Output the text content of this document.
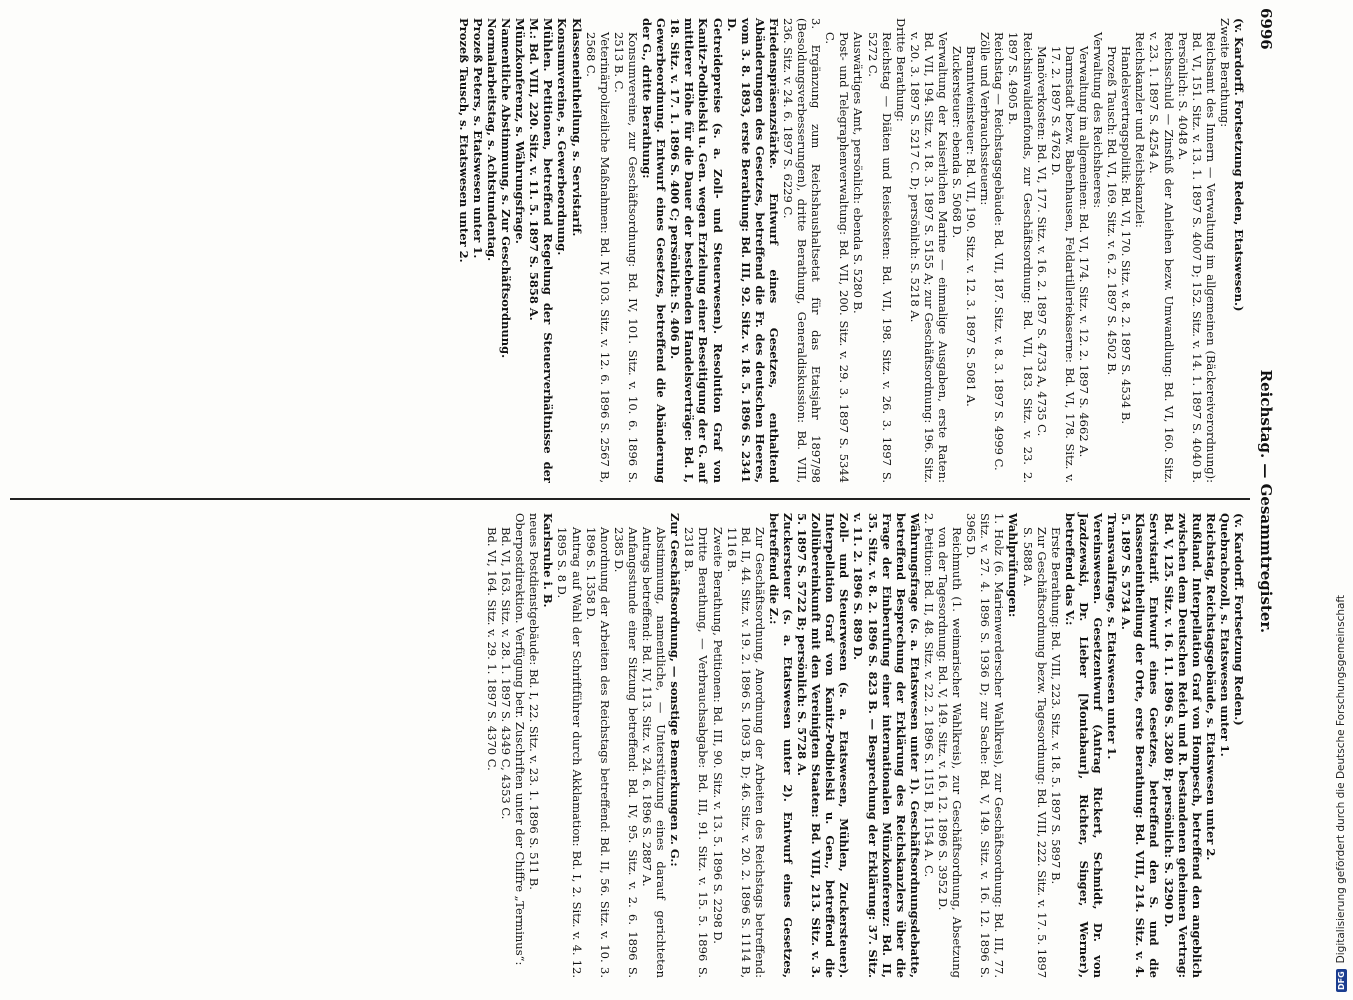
6996
Reichstag. — Gesammtregister.

(v. Kardorff. Fortsetzung Reden, Etatswesen.)

Zweite Berathung:

Reichsamt des Innern — Verwaltung im allgemeinen (Bäckereiverordnung): Bd. VI, 151. Sitz. v. 13. 1. 1897 S. 4007 D; 152. Sitz. v. 14. 1. 1897 S. 4040 B. Persönlich: S. 4048 A.

Reichsschuld — Zinsfuß der Anleihen bezw. Umwandlung: Bd. VI, 160. Sitz. v. 23. 1. 1897 S. 4254 A.

Reichskanzler und Reichskanzlei:

Handelsvertragspolitik: Bd. VI, 170. Sitz. v. 8. 2. 1897 S. 4534 B.

Prozeß Tausch: Bd. VI, 169. Sitz. v. 6. 2. 1897 S. 4502 B.

Verwaltung des Reichsheeres:

Verwaltung im allgemeinen: Bd. VI, 174. Sitz. v. 12. 2. 1897 S. 4662 A.

Darmstadt bezw. Babenhausen, Feldartilleriekaserne: Bd. VI, 178. Sitz. v. 17. 2. 1897 S. 4762 D.

Manöverkosten: Bd. VI, 177. Sitz. v. 16. 2. 1897 S. 4733 A, 4735 C.

Reichsinvalidenfonds, zur Geschäftsordnung: Bd. VII, 183. Sitz. v. 23. 2. 1897 S. 4905 B.

Reichstag — Reichstagsgebäude: Bd. VII, 187. Sitz. v. 8. 3. 1897 S. 4999 C.

Zölle und Verbrauchssteuern:

Branntweinsteuer: Bd. VII, 190. Sitz. v. 12. 3. 1897 S. 5081 A.

Zuckersteuer: ebenda S. 5068 D.

Verwaltung der Kaiserlichen Marine — einmalige Ausgaben, erste Raten: Bd. VII, 194. Sitz. v. 18. 3. 1897 S. 5155 A; zur Geschäftsordnung: 196. Sitz. v. 20. 3. 1897 S. 5217 C. D; persönlich: S. 5218 A.

Dritte Berathung:

Reichstag — Diäten und Reisekosten: Bd. VII, 198. Sitz. v. 26. 3. 1897 S. 5272 C.

Auswärtiges Amt, persönlich: ebenda S. 5280 B.

Post- und Telegraphenverwaltung: Bd. VII, 200. Sitz. v. 29. 3. 1897 S. 5344 C.

3. Ergänzung zum Reichshaushaltsetat für das Etatsjahr 1897/98 (Besoldungsverbesserungen), dritte Berathung, Generaldiskussion: Bd. VIII, 236. Sitz. v. 24. 6. 1897 S. 6229 C.

Friedenspräsenzstärke. Entwurf eines Gesetzes, enthaltend Abänderungen des Gesetzes, betreffend die Fr. des deutschen Heeres, vom 3. 8. 1893, erste Berathung: Bd. III, 92. Sitz. v. 18. 5. 1896 S. 2341 D.

Getreidepreise (s. a. Zoll- und Steuerwesen). Resolution Graf von Kanitz-Podbielski u. Gen. wegen Erzielung einer Beseitigung der G. auf mittlerer Höhe für die Dauer der bestehenden Handelsverträge: Bd. I, 18. Sitz. v. 17. 1. 1896 S. 400 C; persönlich: S. 406 D.

Gewerbeordnung. Entwurf eines Gesetzes, betreffend die Abänderung der G., dritte Berathung:

Konsumvereine, zur Geschäftsordnung: Bd. IV, 101. Sitz. v. 10. 6. 1896 S. 2513 B. C.

Veterinärpolizeiliche Maßnahmen: Bd. IV, 103. Sitz. v. 12. 6. 1896 S. 2567 B, 2568 C.

Klasseneintheilung, s. Servistarif.

Konsumvereine, s. Gewerbeordnung.

Mühlen. Petitionen, betreffend Regelung der Steuerverhältnisse der M.: Bd. VIII, 220. Sitz. v. 11. 5. 1897 S. 5858 A.

Münzkonferenz, s. Währungsfrage.

Namentliche Abstimmung, s. Zur Geschäftsordnung.

Normalarbeitstag, s. Achtstundentag.

Prozeß Peters, s. Etatswesen unter 1.

Prozeß Tausch, s. Etatswesen unter 2.

(v. Kardorff. Fortsetzung Reden.)

Quebrachozoll, s. Etatswesen unter 1.

Reichstag, Reichstagsgebäude, s. Etatswesen unter 2.

Rußland. Interpellation Graf von Hompesch, betreffend den angeblich zwischen dem Deutschen Reich und R. bestandenen geheimen Vertrag: Bd. V, 125. Sitz. v. 16. 11. 1896 S. 3280 B; persönlich: S. 3290 D.

Servistarif. Entwurf eines Gesetzes, betreffend den S. und die Klasseneintheilung der Orte, erste Berathung: Bd. VIII, 214. Sitz. v. 4. 5. 1897 S. 5734 A.

Transvaalfrage, s. Etatswesen unter 1.

Vereinswesen. Gesetzentwurf (Antrag Rickert, Schmidt, Dr. von Jazdzewski, Dr. Lieber [Montabaur], Richter, Singer, Werner), betreffend das V.:

Erste Berathung: Bd. VIII, 223. Sitz. v. 18. 5. 1897 S. 5897 B.

Zur Geschäftsordnung bezw. Tagesordnung: Bd. VIII, 222. Sitz. v. 17. 5. 1897 S. 5888 A.

Wahlprüfungen:

1. Holz (6. Marienwerderscher Wahlkreis), zur Geschäftsordnung: Bd. III, 77. Sitz. v. 27. 4. 1896 S. 1936 D; zur Sache: Bd. V, 149. Sitz. v. 16. 12. 1896 S. 3965 D.

Reichmuth (1. weimarischer Wahlkreis), zur Geschäftsordnung, Absetzung von der Tagesordnung: Bd. V, 149. Sitz. v. 16. 12. 1896 S. 3952 D.

2. Petition: Bd. II, 48. Sitz. v. 22. 2. 1896 S. 1151 B, 1154 A. C.

Währungsfrage (s. a. Etatswesen unter 1). Geschäftsordnungsdebatte, betreffend Besprechung der Erklärung des Reichskanzlers über die Frage der Einberufung einer internationalen Münzkonferenz: Bd. II, 35. Sitz. v. 8. 2. 1896 S. 823 B. — Besprechung der Erklärung: 37. Sitz. v. 11. 2. 1896 S. 889 D.

Zoll- und Steuerwesen (s. a. Etatswesen, Mühlen, Zuckersteuer). Interpellation Graf von Kanitz-Podbielski u. Gen., betreffend die Zollübereinkunft mit den Vereinigten Staaten: Bd. VIII, 213. Sitz. v. 3. 5. 1897 S. 5722 B; persönlich: S. 5728 A.

Zuckersteuer (s. a. Etatswesen unter 2). Entwurf eines Gesetzes, betreffend die Z.:

Zur Geschäftsordnung, Anordnung der Arbeiten des Reichstags betreffend: Bd. II, 44. Sitz. v. 19. 2. 1896 S. 1093 B, D; 46. Sitz. v. 20. 2. 1896 S. 1114 B, 1116 B.

Zweite Berathung, Petitionen: Bd. III, 90. Sitz. v. 13. 5. 1896 S. 2298 D.

Dritte Berathung, — Verbrauchsabgabe: Bd. III, 91. Sitz. v. 15. 5. 1896 S. 2318 B.

Zur Geschäftsordnung, — sonstige Bemerkungen z. G.:

Abstimmung, namentliche, — Unterstützung eines darauf gerichteten Antrags betreffend: Bd. IV, 113. Sitz. v. 24. 6. 1896 S. 2887 A.

Anfangsstunde einer Sitzung betreffend: Bd. IV, 95. Sitz. v. 2. 6. 1896 S. 2385 D.

Anordnung der Arbeiten des Reichstags betreffend: Bd. II, 56. Sitz. v. 10. 3. 1896 S. 1358 D.

Antrag auf Wahl der Schriftführer durch Akklamation: Bd. I, 2. Sitz. v. 4. 12. 1895 S. 8 D.

Karlsruhe i. B.

neues Postdienstgebäude: Bd. I, 22. Sitz. v. 23. 1. 1896 S. 511 B.

Oberpostdirektion. Verfügung betr. Zuschriften unter der Chiffre „Terminus“:

Bd. VI, 163. Sitz. v. 28. 1. 1897 S. 4349 C, 4353 C.

Bd. VI, 164. Sitz. v. 29. 1. 1897 S. 4370 C.

DFG
Digitalisierung gefördert durch die Deutsche Forschungsgemeinschaft
